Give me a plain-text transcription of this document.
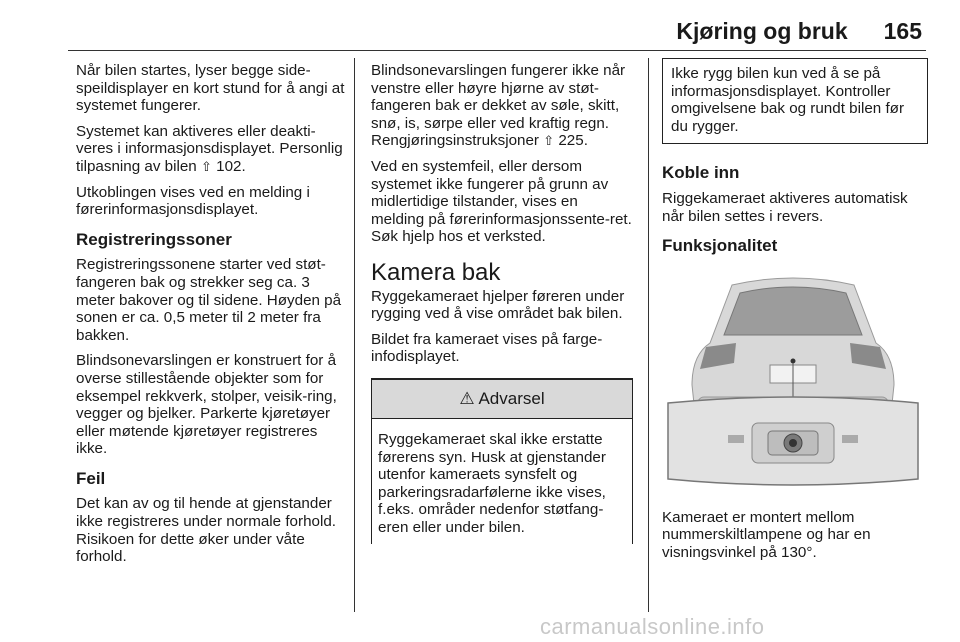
Kjøring og bruk 165

Når bilen startes, lyser begge side-speildisplayer en kort stund for å angi at systemet fungerer.

Systemet kan aktiveres eller deakti-veres i informasjonsdisplayet. Personlig tilpasning av bilen ⇧ 102.

Utkoblingen vises ved en melding i førerinformasjonsdisplayet.

Registreringssoner

Registreringssonene starter ved støt-fangeren bak og strekker seg ca. 3 meter bakover og til sidene. Høyden på sonen er ca. 0,5 meter til 2 meter fra bakken.

Blindsonevarslingen er konstruert for å overse stillestående objekter som for eksempel rekkverk, stolper, veisik-ring, vegger og bjelker. Parkerte kjøretøyer eller møtende kjøretøyer registreres ikke.

Feil

Det kan av og til hende at gjenstander ikke registreres under normale forhold. Risikoen for dette øker under våte forhold.

Blindsonevarslingen fungerer ikke når venstre eller høyre hjørne av støt-fangeren bak er dekket av søle, skitt, snø, is, sørpe eller ved kraftig regn. Rengjøringsinstruksjoner ⇧ 225.

Ved en systemfeil, eller dersom systemet ikke fungerer på grunn av midlertidige tilstander, vises en melding på førerinformasjonssente-ret. Søk hjelp hos et verksted.

Kamera bak

Ryggekameraet hjelper føreren under rygging ved å vise området bak bilen.

Bildet fra kameraet vises på farge-infodisplayet.

⚠ Advarsel
Ryggekameraet skal ikke erstatte førerens syn. Husk at gjenstander utenfor kameraets synsfelt og parkeringsradarfølerne ikke vises, f.eks. områder nedenfor støtfang-eren eller under bilen.
Ikke rygg bilen kun ved å se på informasjonsdisplayet. Kontroller omgivelsene bak og rundt bilen før du rygger.
Koble inn

Riggekameraet aktiveres automatisk når bilen settes i revers.

Funksjonalitet

Kameraet er montert mellom nummerskiltlampene og har en visningsvinkel på 130°.

carmanualsonline.info
